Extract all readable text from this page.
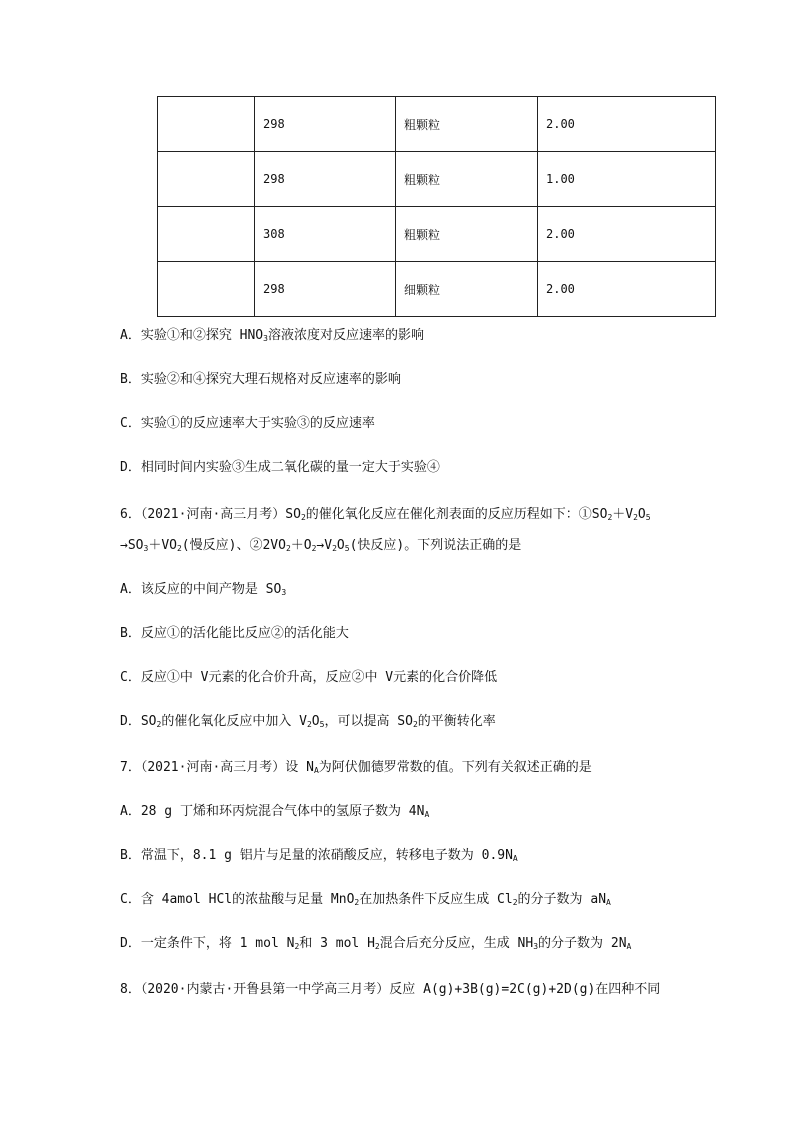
	298	粗颗粒	2.00
	298	粗颗粒	1.00
	308	粗颗粒	2.00
	298	细颗粒	2.00
A．实验①和②探究 $HNO_3$溶液浓度对反应速率的影响
B．实验②和④探究大理石规格对反应速率的影响
C．实验①的反应速率大于实验③的反应速率
D．相同时间内实验③生成二氧化碳的量一定大于实验④
6．（2021·河南·高三月考）$SO_2$的催化氧化反应在催化剂表面的反应历程如下：$①SO_2+V_2O_5$
$\to SO_3+VO_2$(慢反应)、$②2VO_2+O_2\to V_2O_5$(快反应)。下列说法正确的是
A．该反应的中间产物是 $SO_3$
B．反应①的活化能比反应②的活化能大
C．反应①中 V元素的化合价升高，反应②中 V元素的化合价降低
D．$SO_2$的催化氧化反应中加入 $V_2O_5$，可以提高 $SO_2$的平衡转化率
7．（2021·河南·高三月考）设 $N_A$为阿伏伽德罗常数的值。下列有关叙述正确的是
A．28 g 丁烯和环丙烷混合气体中的氢原子数为 $4N_A$
B．常温下，8.1 g 铝片与足量的浓硝酸反应，转移电子数为 $0.9N_A$
C．含 4amol HCl的浓盐酸与足量 MnO$_2$在加热条件下反应生成 $Cl_2$的分子数为 $aN_A$
D．一定条件下，将 1 mol $N_2$和 3 mol $H_2$混合后充分反应，生成 $NH_3$的分子数为 $2N_A$
8．（2020·内蒙古·开鲁县第一中学高三月考）反应 A(g)+3B(g)=2C(g)+2D(g)在四种不同
